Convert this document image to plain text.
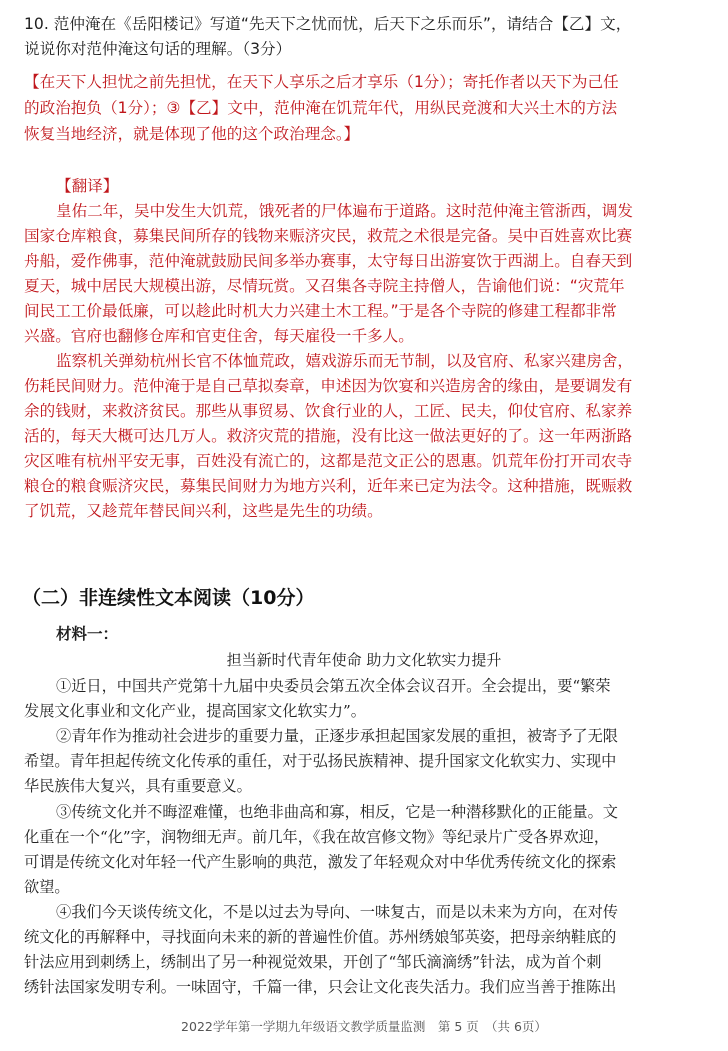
10. 范仲淹在《岳阳楼记》写道“先天下之忧而忧，后天下之乐而乐”，请结合【乙】文，

说说你对范仲淹这句话的理解。（3分）

【在天下人担忧之前先担忧，在天下人享乐之后才享乐（1分）；寄托作者以天下为己任

的政治抱负（1分）；③【乙】文中，范仲淹在饥荒年代，用纵民竞渡和大兴土木的方法

恢复当地经济，就是体现了他的这个政治理念。】

【翻译】

皇佑二年，吴中发生大饥荒，饿死者的尸体遍布于道路。这时范仲淹主管浙西，调发

国家仓库粮食，募集民间所存的钱物来赈济灾民，救荒之术很是完备。吴中百姓喜欢比赛

舟船，爱作佛事，范仲淹就鼓励民间多举办赛事，太守每日出游宴饮于西湖上。自春天到

夏天，城中居民大规模出游，尽情玩赏。又召集各寺院主持僧人，告谕他们说：“灾荒年

间民工工价最低廉，可以趁此时机大力兴建土木工程。”于是各个寺院的修建工程都非常

兴盛。官府也翻修仓库和官吏住舍，每天雇役一千多人。

监察机关弹劾杭州长官不体恤荒政，嬉戏游乐而无节制，以及官府、私家兴建房舍，

伤耗民间财力。范仲淹于是自己草拟奏章，申述因为饮宴和兴造房舍的缘由，是要调发有

余的钱财，来救济贫民。那些从事贸易、饮食行业的人，工匠、民夫，仰仗官府、私家养

活的，每天大概可达几万人。救济灾荒的措施，没有比这一做法更好的了。这一年两浙路

灾区唯有杭州平安无事，百姓没有流亡的，这都是范文正公的恩惠。饥荒年份打开司农寺

粮仓的粮食赈济灾民，募集民间财力为地方兴利，近年来已定为法令。这种措施，既赈救

了饥荒，又趁荒年替民间兴利，这些是先生的功绩。

（二）非连续性文本阅读（10分）
材料一：
担当新时代青年使命 助力文化软实力提升

①近日，中国共产党第十九届中央委员会第五次全体会议召开。全会提出，要“繁荣

发展文化事业和文化产业，提高国家文化软实力”。

②青年作为推动社会进步的重要力量，正逐步承担起国家发展的重担，被寄予了无限

希望。青年担起传统文化传承的重任，对于弘扬民族精神、提升国家文化软实力、实现中

华民族伟大复兴，具有重要意义。

③传统文化并不晦涩难懂，也绝非曲高和寡，相反，它是一种潜移默化的正能量。文

化重在一个“化”字，润物细无声。前几年，《我在故宫修文物》等纪录片广受各界欢迎，

可谓是传统文化对年轻一代产生影响的典范，激发了年轻观众对中华优秀传统文化的探索

欲望。

④我们今天谈传统文化，不是以过去为导向、一味复古，而是以未来为方向，在对传

统文化的再解释中，寻找面向未来的新的普遍性价值。苏州绣娘邹英姿，把母亲纳鞋底的

针法应用到刺绣上，绣制出了另一种视觉效果，开创了“邹氏滴滴绣”针法，成为首个刺

绣针法国家发明专利。一味固守，千篇一律，只会让文化丧失活力。我们应当善于推陈出

2022学年第一学期九年级语文教学质量监测　第 5 页　（共 6页）
